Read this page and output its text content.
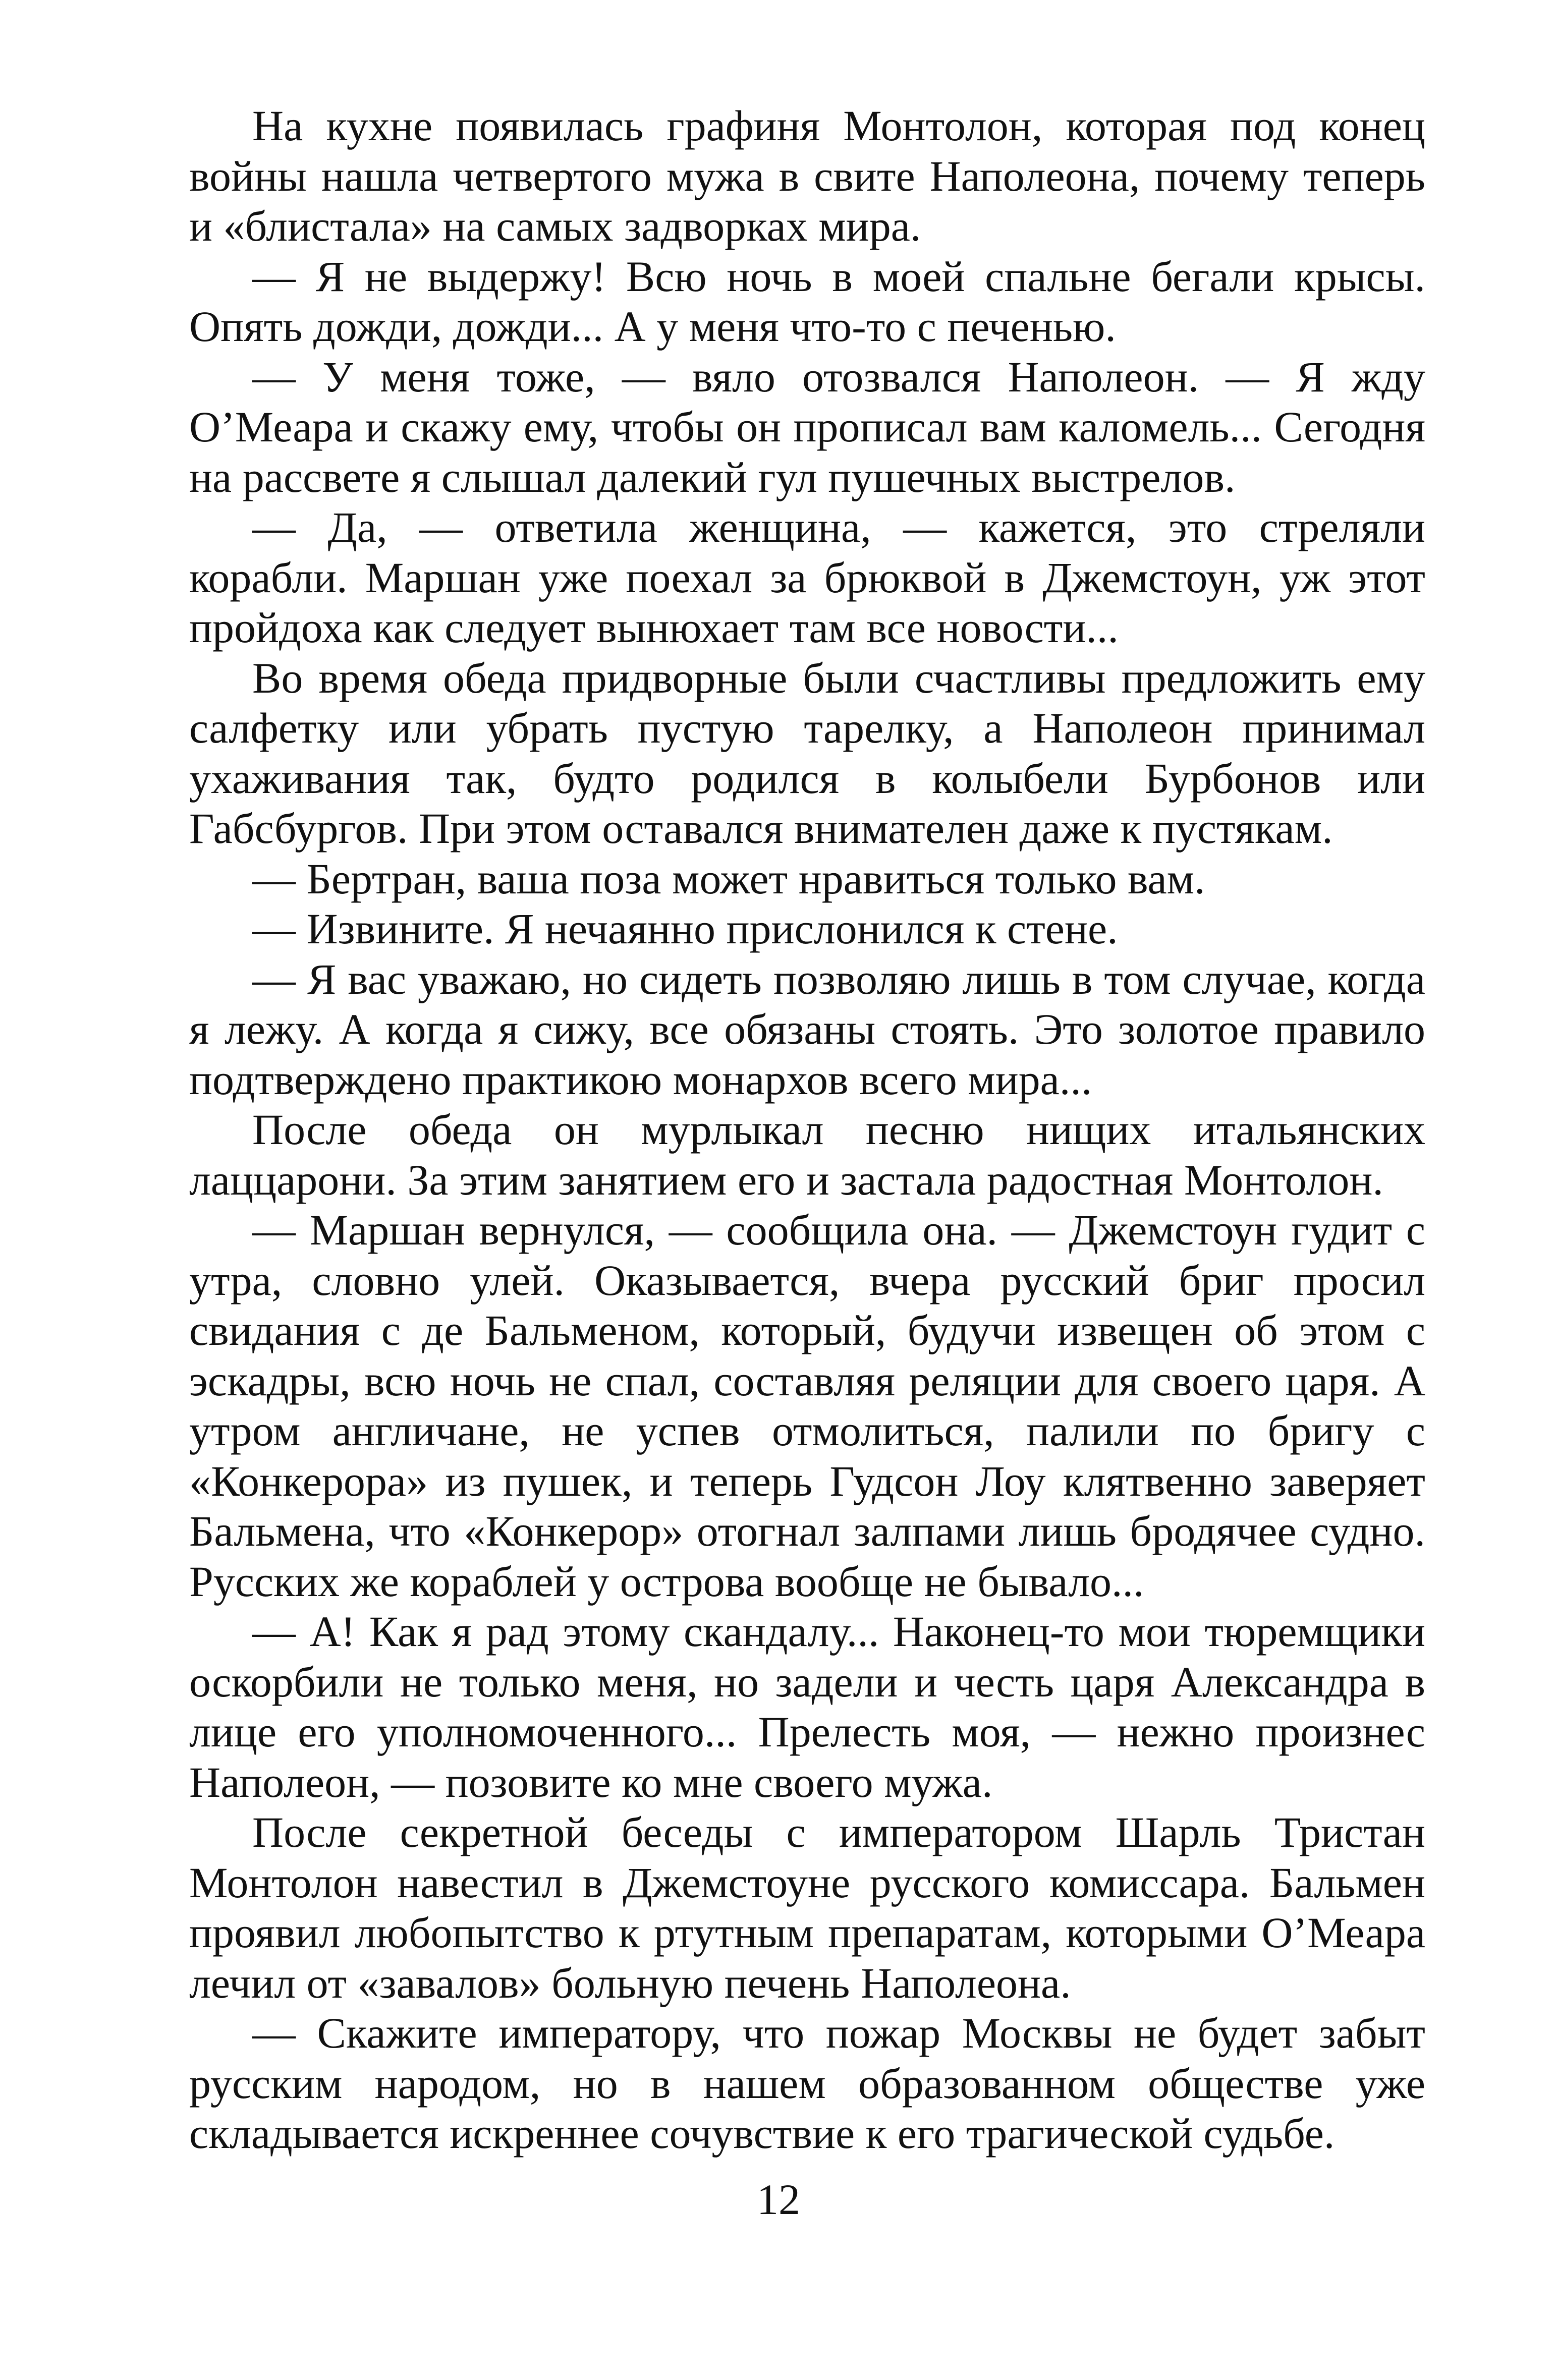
На кухне появилась графиня Монтолон, которая под конец войны нашла четвертого мужа в свите Наполеона, почему теперь и «блистала» на самых задворках мира.

— Я не выдержу! Всю ночь в моей спальне бегали крысы. Опять дожди, дожди... А у меня что-то с печенью.

— У меня тоже, — вяло отозвался Наполеон. — Я жду О’Меара и скажу ему, чтобы он прописал вам каломель... Сегодня на рассвете я слышал далекий гул пушечных выстрелов.

— Да, — ответила женщина, — кажется, это стреляли корабли. Маршан уже поехал за брюквой в Джемстоун, уж этот пройдоха как следует вынюхает там все новости...

Во время обеда придворные были счастливы предложить ему салфетку или убрать пустую тарелку, а Наполеон принимал ухаживания так, будто родился в колыбели Бурбонов или Габсбургов. При этом оставался внимателен даже к пустякам.

— Бертран, ваша поза может нравиться только вам.

— Извините. Я нечаянно прислонился к стене.

— Я вас уважаю, но сидеть позволяю лишь в том случае, когда я лежу. А когда я сижу, все обязаны стоять. Это золотое правило подтверждено практикою монархов всего мира...

После обеда он мурлыкал песню нищих итальянских лаццарони. За этим занятием его и застала радостная Монтолон.

— Маршан вернулся, — сообщила она. — Джемстоун гудит с утра, словно улей. Оказывается, вчера русский бриг просил свидания с де Бальменом, который, будучи извещен об этом с эскадры, всю ночь не спал, составляя реляции для своего царя. А утром англичане, не успев отмолиться, палили по бригу с «Конкерора» из пушек, и теперь Гудсон Лоу клятвенно заверяет Бальмена, что «Конкерор» отогнал залпами лишь бродячее судно. Русских же кораблей у острова вообще не бывало...

— А! Как я рад этому скандалу... Наконец-то мои тюремщики оскорбили не только меня, но задели и честь царя Александра в лице его уполномоченного... Прелесть моя, — нежно произнес Наполеон, — позовите ко мне своего мужа.

После секретной беседы с императором Шарль Тристан Монтолон навестил в Джемстоуне русского комиссара. Бальмен проявил любопытство к ртутным препаратам, которыми О’Меара лечил от «завалов» больную печень Наполеона.

— Скажите императору, что пожар Москвы не будет забыт русским народом, но в нашем образованном обществе уже складывается искреннее сочувствие к его трагической судьбе.

12
